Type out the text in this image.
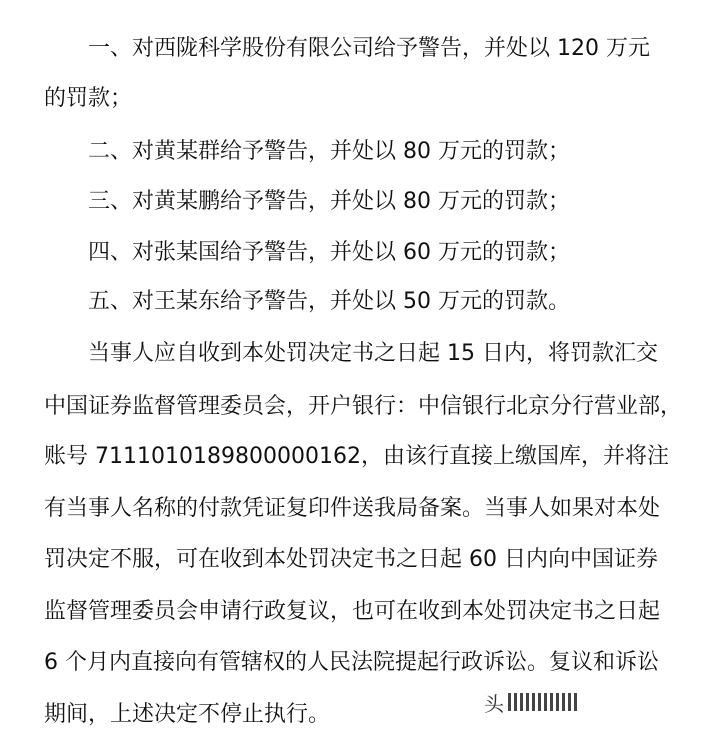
一、对西陇科学股份有限公司给予警告，并处以 120 万元
的罚款；
二、对黄某群给予警告，并处以 80 万元的罚款；
三、对黄某鹏给予警告，并处以 80 万元的罚款；
四、对张某国给予警告，并处以 60 万元的罚款；
五、对王某东给予警告，并处以 50 万元的罚款。
当事人应自收到本处罚决定书之日起 15 日内，将罚款汇交
中国证券监督管理委员会，开户银行：中信银行北京分行营业部，
账号 7111010189800000162，由该行直接上缴国库，并将注
有当事人名称的付款凭证复印件送我局备案。当事人如果对本处
罚决定不服，可在收到本处罚决定书之日起 60 日内向中国证券
监督管理委员会申请行政复议，也可在收到本处罚决定书之日起
6 个月内直接向有管辖权的人民法院提起行政诉讼。复议和诉讼
期间，上述决定不停止执行。	头
